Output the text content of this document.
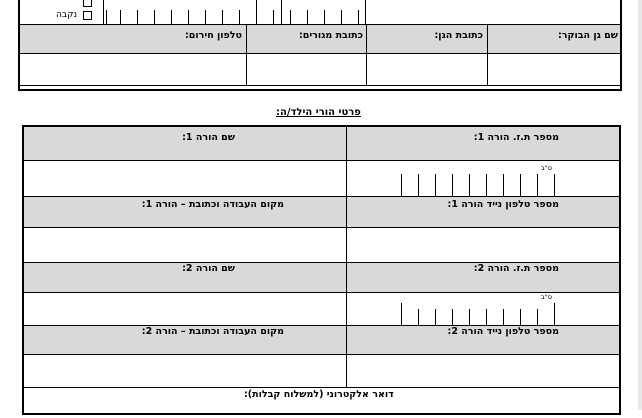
נקבה
שם גן הבוקר:
כתובת הגן:
כתובת מגורים:
טלפון חירום:
פרטי הורי הילד/ה:
מספר ת.ז. הורה 1:
שם הורה 1:
ס"ב
מספר טלפון נייד הורה 1:
מקום העבודה וכתובת – הורה 1:
מספר ת.ז. הורה 2:
שם הורה 2:
ס"ב
מספר טלפון נייד הורה 2:
מקום העבודה וכתובת – הורה 2:
דואר אלקטרוני (למשלוח קבלות):
